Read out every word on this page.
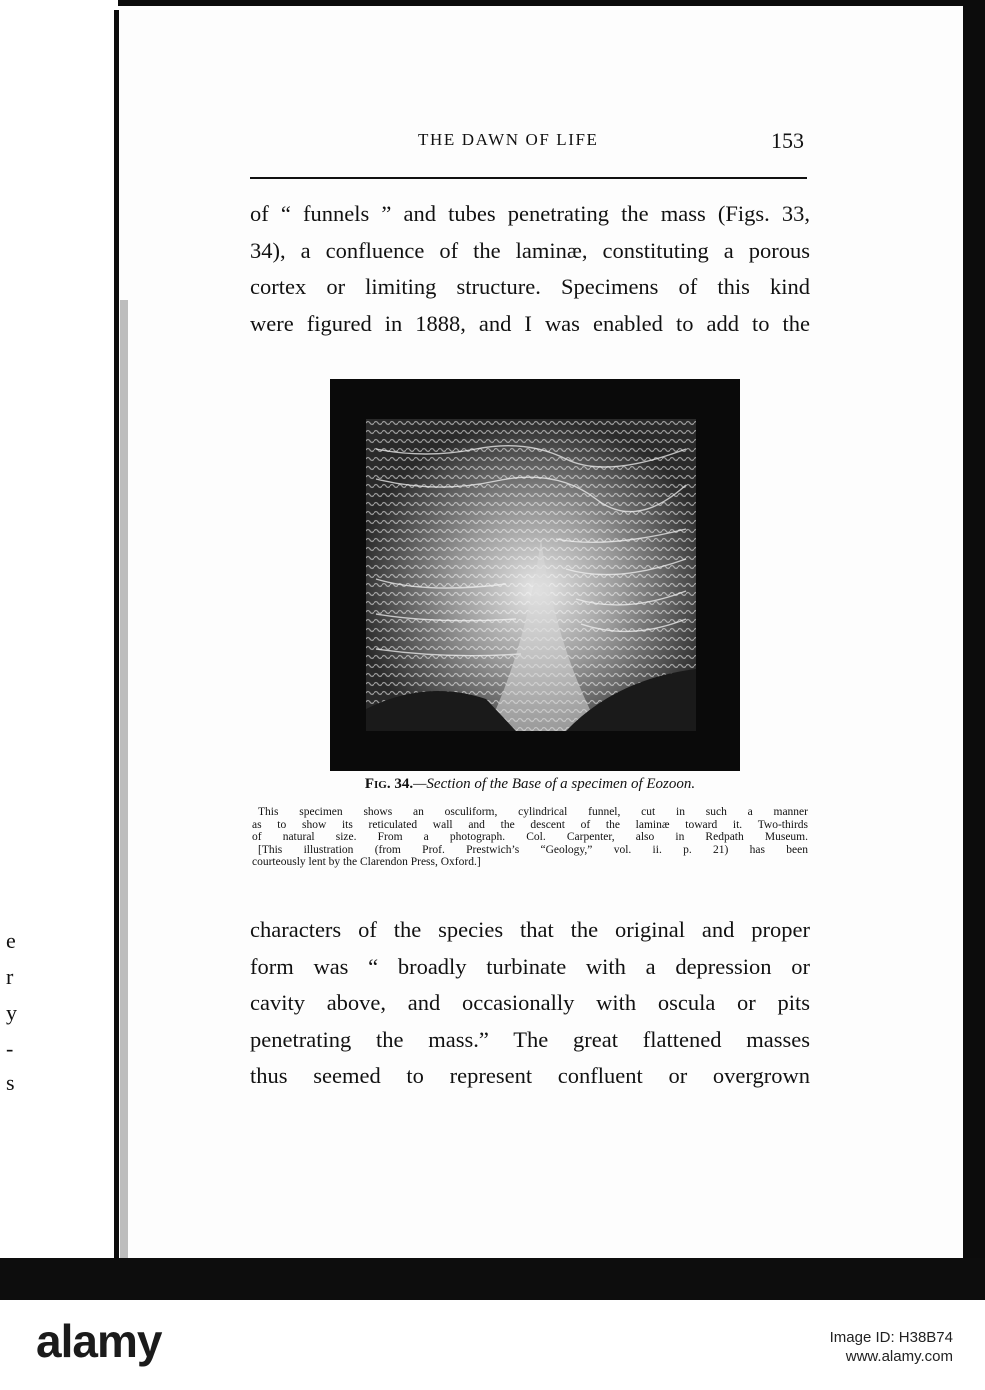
e
r
y
-
s
THE DAWN OF LIFE	153
of “ funnels ” and tubes penetrating the mass (Figs. 33,
34), a confluence of the laminæ, constituting a porous
cortex or limiting structure. Specimens of this kind
were figured in 1888, and I was enabled to add to the
Fig. 34.—Section of the Base of a specimen of Eozoon.
This specimen shows an osculiform, cylindrical funnel, cut in such a manner
as to show its reticulated wall and the descent of the laminæ toward it. Two-thirds
of natural size. From a photograph. Col. Carpenter, also in Redpath Museum.
[This illustration (from Prof. Prestwich’s “Geology,” vol. ii. p. 21) has been
courteously lent by the Clarendon Press, Oxford.]
characters of the species that the original and proper
form was “ broadly turbinate with a depression or
cavity above, and occasionally with oscula or pits
penetrating the mass.” The great flattened masses
thus seemed to represent confluent or overgrown
alamy	Image ID: H38B74
www.alamy.com
